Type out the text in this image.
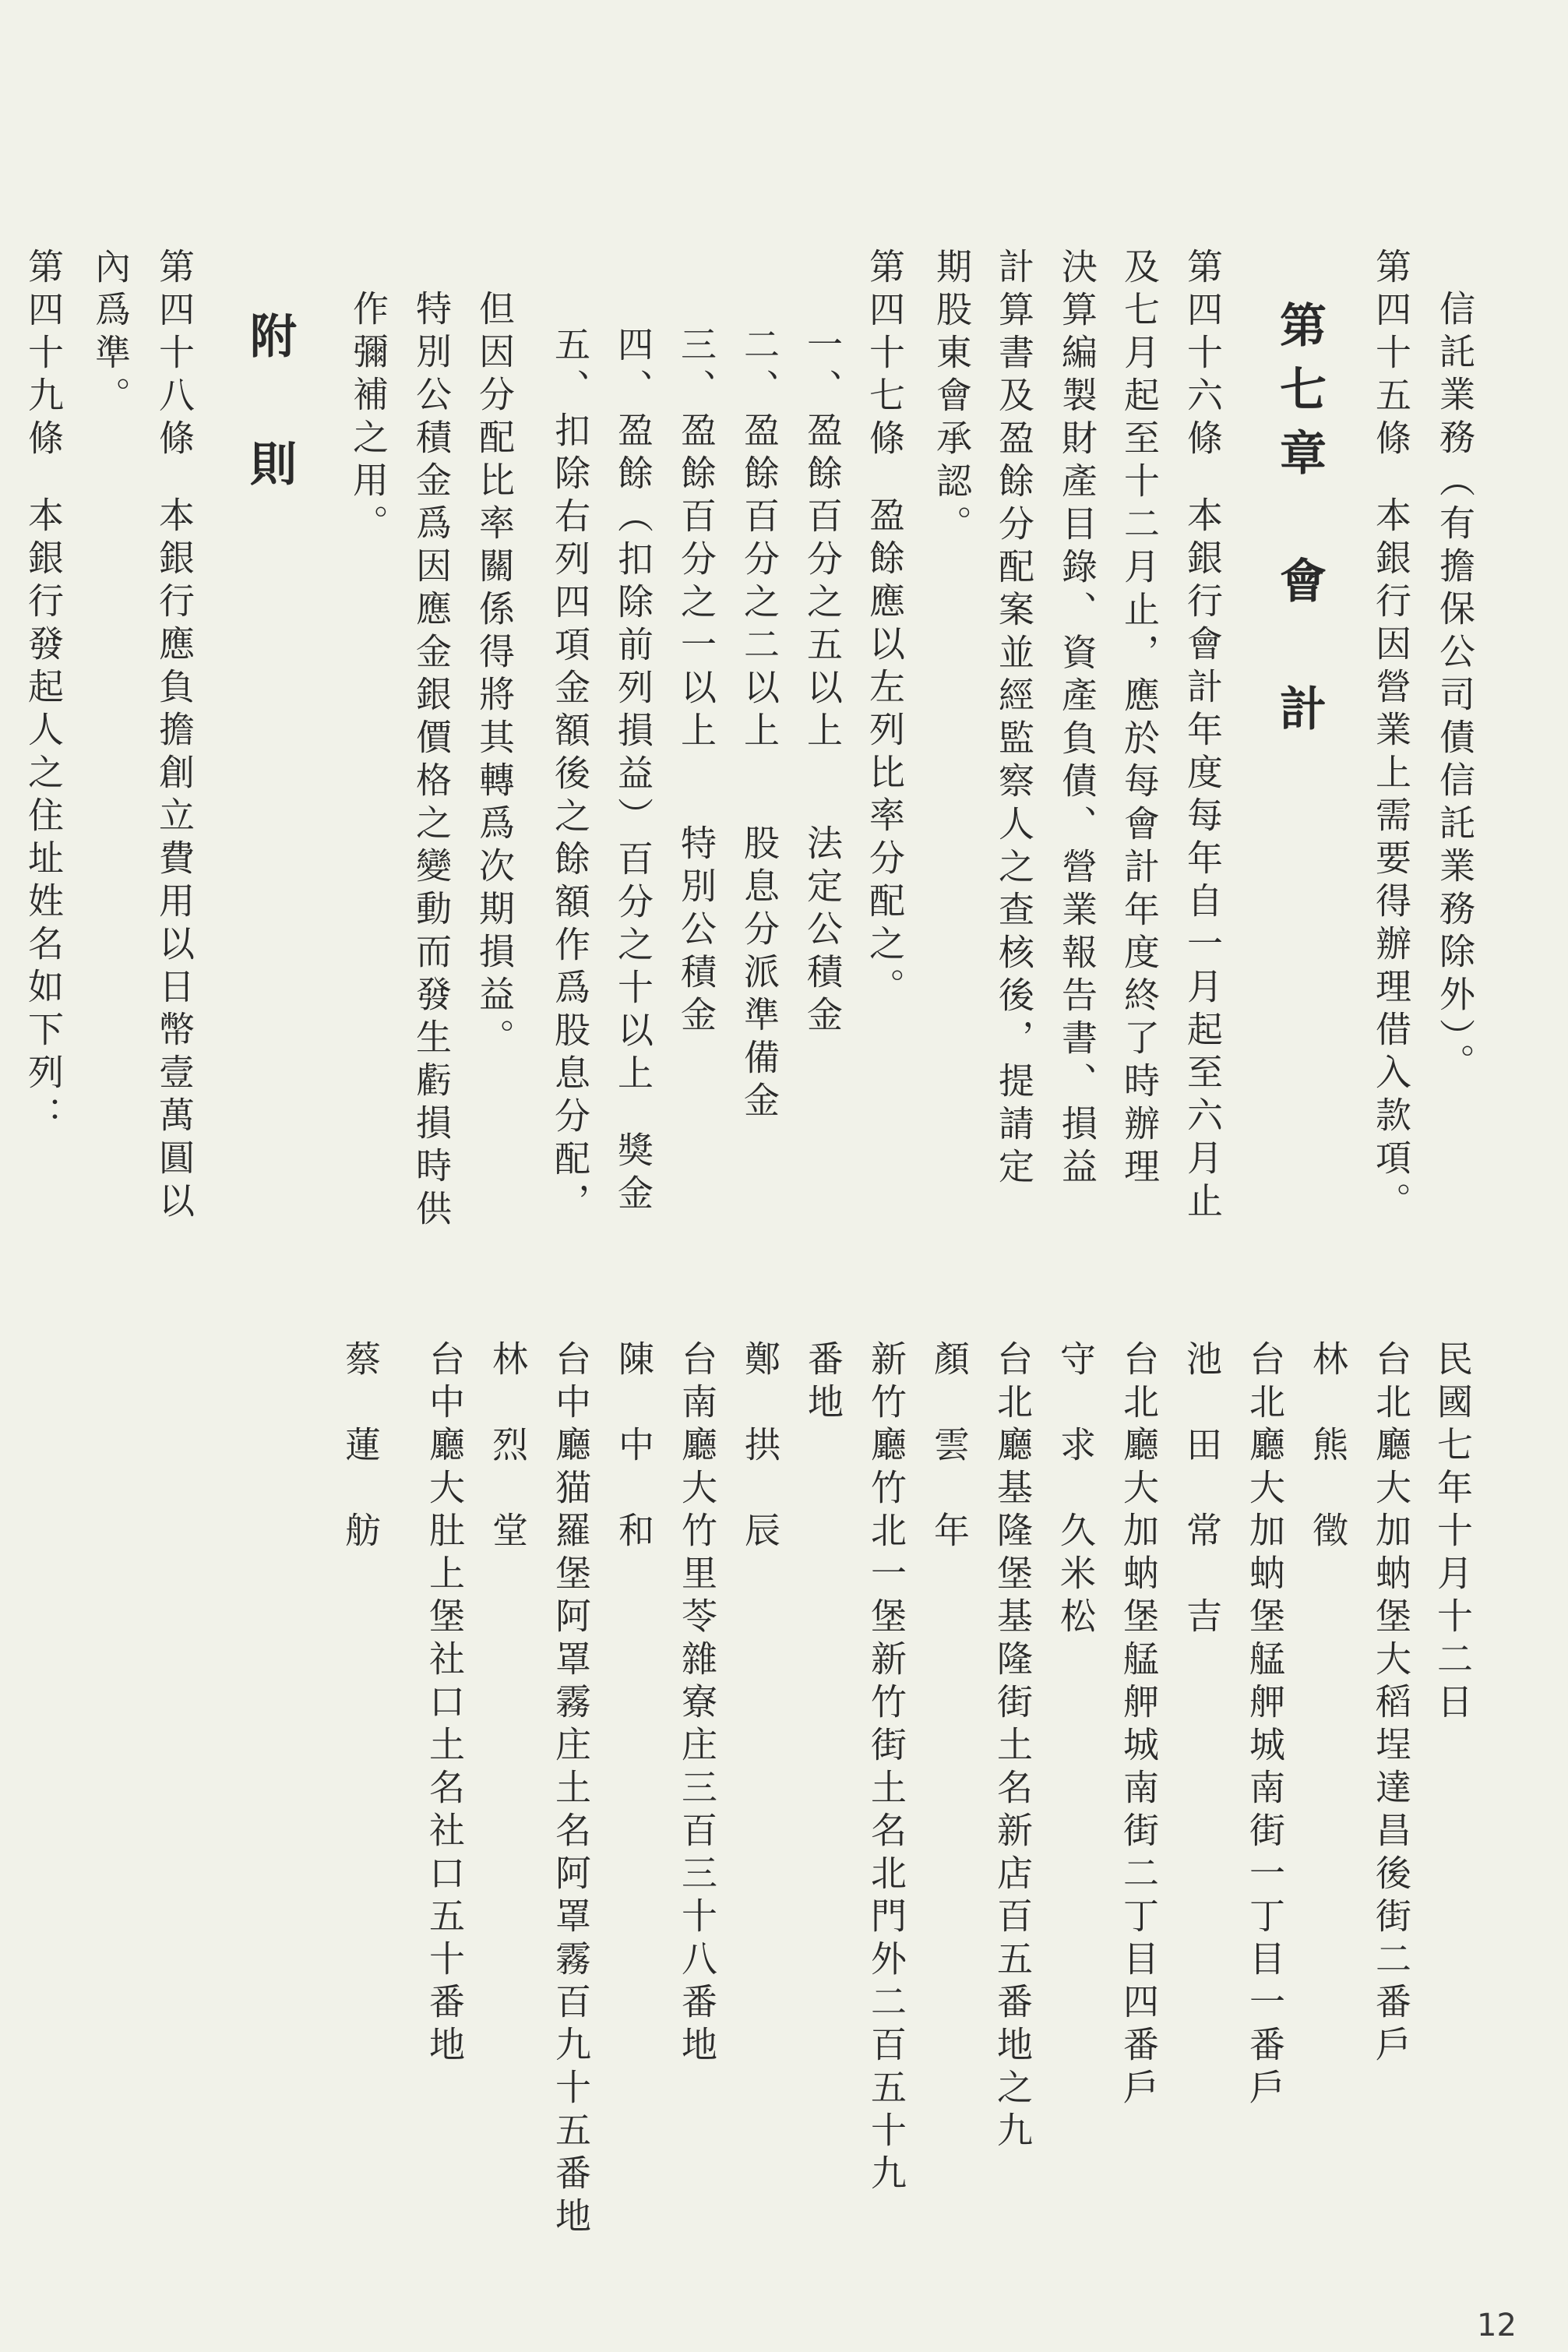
信託業務（有擔保公司債信託業務除外）。
第四十五條本銀行因營業上需要得辦理借入款項。
第七章　會　計
第四十六條本銀行會計年度每年自一月起至六月止
及七月起至十二月止，應於每會計年度終了時辦理
決算編製財產目錄、資產負債、營業報告書、損益
計算書及盈餘分配案並經監察人之查核後，提請定
期股東會承認。
第四十七條盈餘應以左列比率分配之。
一、盈餘百分之五以上法定公積金
二、盈餘百分之二以上股息分派準備金
三、盈餘百分之一以上特別公積金
四、盈餘（扣除前列損益）百分之十以上獎金
五、扣除右列四項金額後之餘額作爲股息分配，
但因分配比率關係得將其轉爲次期損益。
特別公積金爲因應金銀價格之變動而發生虧損時供
作彌補之用。
附　則
第四十八條本銀行應負擔創立費用以日幣壹萬圓以
內爲準。
第四十九條本銀行發起人之住址姓名如下列：
民國七年十月十二日
台北廳大加蚋堡大稻埕達昌後街二番戶
林　熊　徵
台北廳大加蚋堡艋舺城南街一丁目一番戶
池　田　常　吉
台北廳大加蚋堡艋舺城南街二丁目四番戶
守　求　久米松
台北廳基隆堡基隆街土名新店百五番地之九
顏　雲　年
新竹廳竹北一堡新竹街土名北門外二百五十九
番地
鄭　拱　辰
台南廳大竹里苓雜寮庄三百三十八番地
陳　中　和
台中廳猫羅堡阿罩霧庄土名阿罩霧百九十五番地
林　烈　堂
台中廳大肚上堡社口土名社口五十番地
蔡　蓮　舫
12
